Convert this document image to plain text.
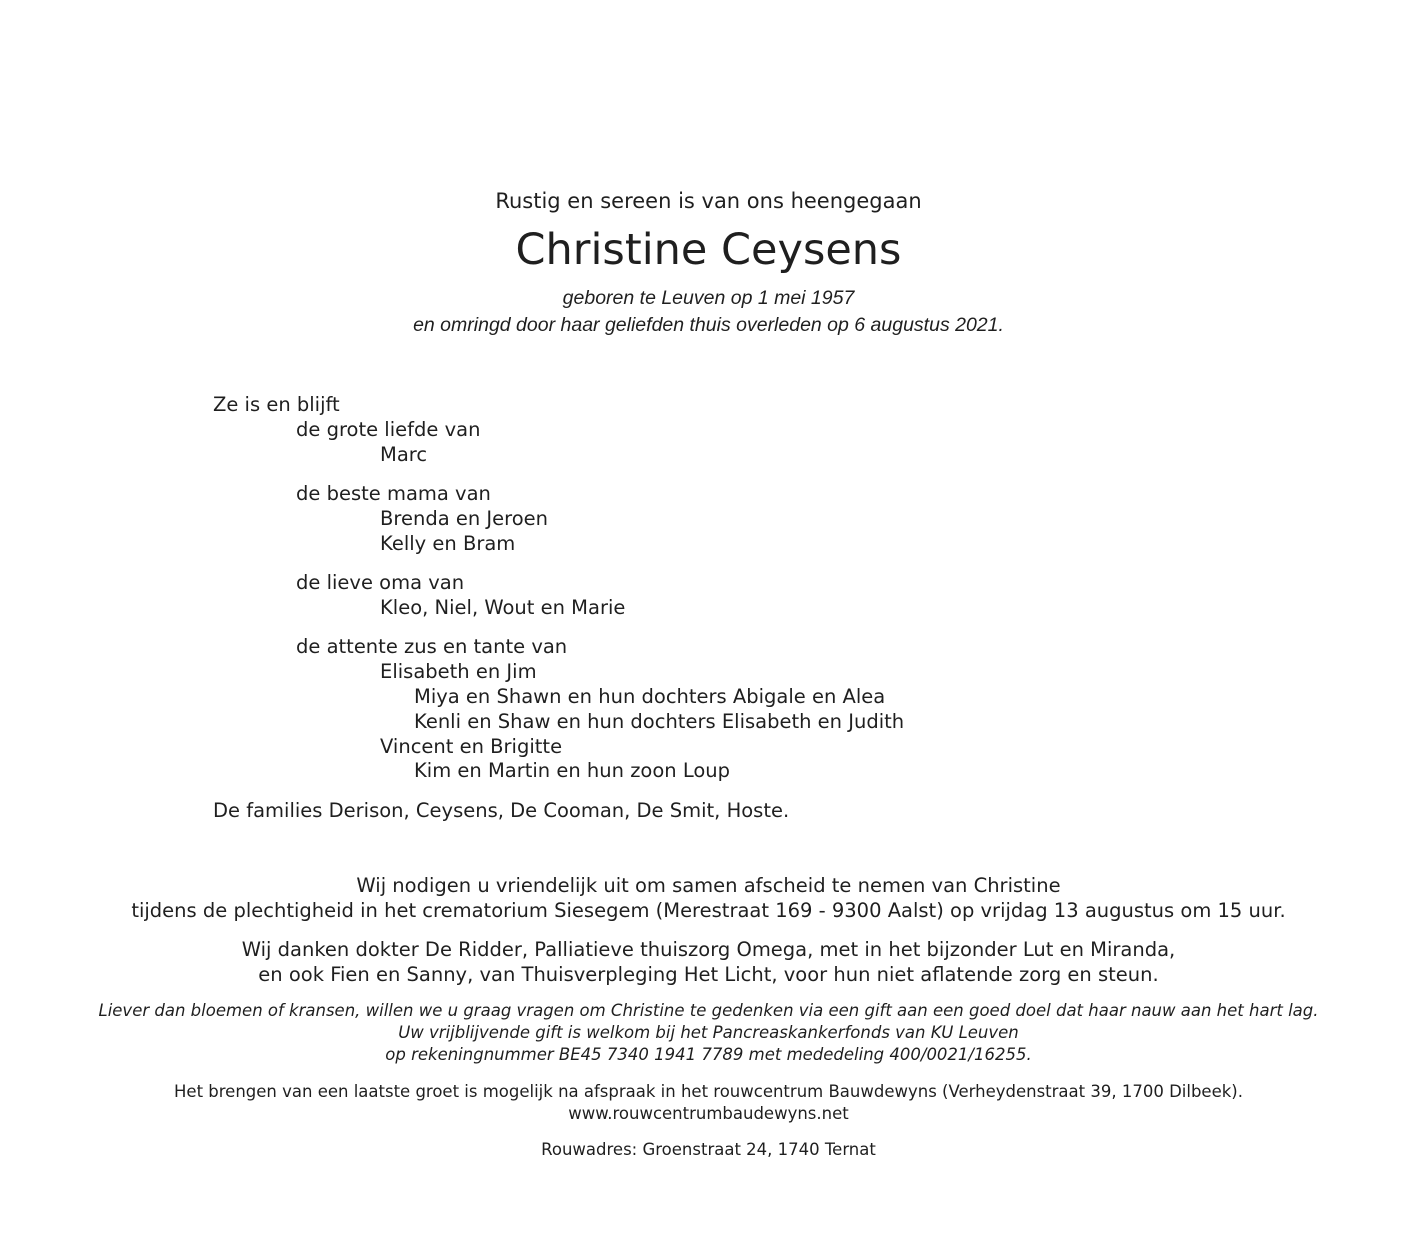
Rustig en sereen is van ons heengegaan
Christine Ceysens
geboren te Leuven op 1 mei 1957
en omringd door haar geliefden thuis overleden op 6 augustus 2021.
Ze is en blijft
de grote liefde van
Marc
de beste mama van
Brenda en Jeroen
Kelly en Bram
de lieve oma van
Kleo, Niel, Wout en Marie
de attente zus en tante van
Elisabeth en Jim
Miya en Shawn en hun dochters Abigale en Alea
Kenli en Shaw en hun dochters Elisabeth en Judith
Vincent en Brigitte
Kim en Martin en hun zoon Loup
De families Derison, Ceysens, De Cooman, De Smit, Hoste.
Wij nodigen u vriendelijk uit om samen afscheid te nemen van Christine
tijdens de plechtigheid in het crematorium Siesegem (Merestraat 169 - 9300 Aalst) op vrijdag 13 augustus om 15 uur.
Wij danken dokter De Ridder, Palliatieve thuiszorg Omega, met in het bijzonder Lut en Miranda,
en ook Fien en Sanny, van Thuisverpleging Het Licht, voor hun niet aflatende zorg en steun.
Liever dan bloemen of kransen, willen we u graag vragen om Christine te gedenken via een gift aan een goed doel dat haar nauw aan het hart lag.
Uw vrijblijvende gift is welkom bij het Pancreaskankerfonds van KU Leuven
op rekeningnummer BE45 7340 1941 7789 met mededeling 400/0021/16255.
Het brengen van een laatste groet is mogelijk na afspraak in het rouwcentrum Bauwdewyns (Verheydenstraat 39, 1700 Dilbeek).
www.rouwcentrumbaudewyns.net
Rouwadres: Groenstraat 24, 1740 Ternat
